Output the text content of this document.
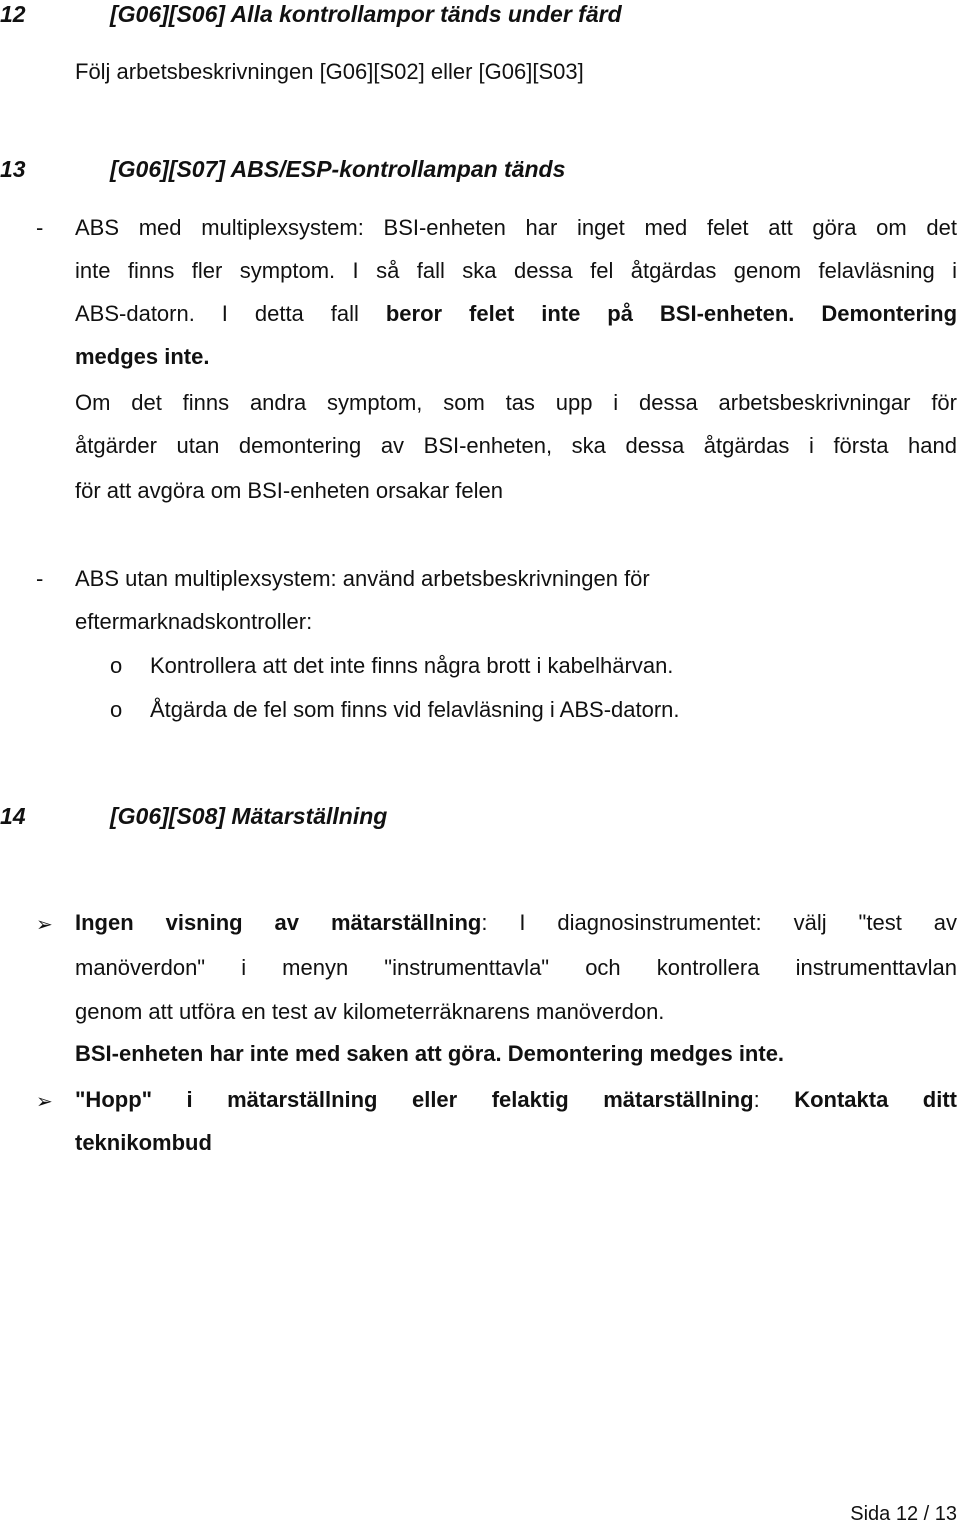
12	[G06][S06] Alla kontrollampor tänds under färd
Följ arbetsbeskrivningen [G06][S02] eller [G06][S03]
13	[G06][S07] ABS/ESP-kontrollampan tänds
- ABS med multiplexsystem: BSI-enheten har inget med felet att göra om det
inte finns fler symptom. I så fall ska dessa fel åtgärdas genom felavläsning i
ABS-datorn. I detta fall beror felet inte på BSI-enheten. Demontering
medges inte.
Om det finns andra symptom, som tas upp i dessa arbetsbeskrivningar för
åtgärder utan demontering av BSI-enheten, ska dessa åtgärdas i första hand
för att avgöra om BSI-enheten orsakar felen
- ABS utan multiplexsystem: använd arbetsbeskrivningen för
eftermarknadskontroller:
o Kontrollera att det inte finns några brott i kabelhärvan.
o Åtgärda de fel som finns vid felavläsning i ABS-datorn.
14	[G06][S08] Mätarställning
➢ Ingen visning av mätarställning: I diagnosinstrumentet: välj "test av
manöverdon" i menyn "instrumenttavla" och kontrollera instrumenttavlan
genom att utföra en test av kilometerräknarens manöverdon.
BSI-enheten har inte med saken att göra. Demontering medges inte.
➢ "Hopp" i mätarställning eller felaktig mätarställning: Kontakta ditt
teknikombud
Sida 12 / 13
